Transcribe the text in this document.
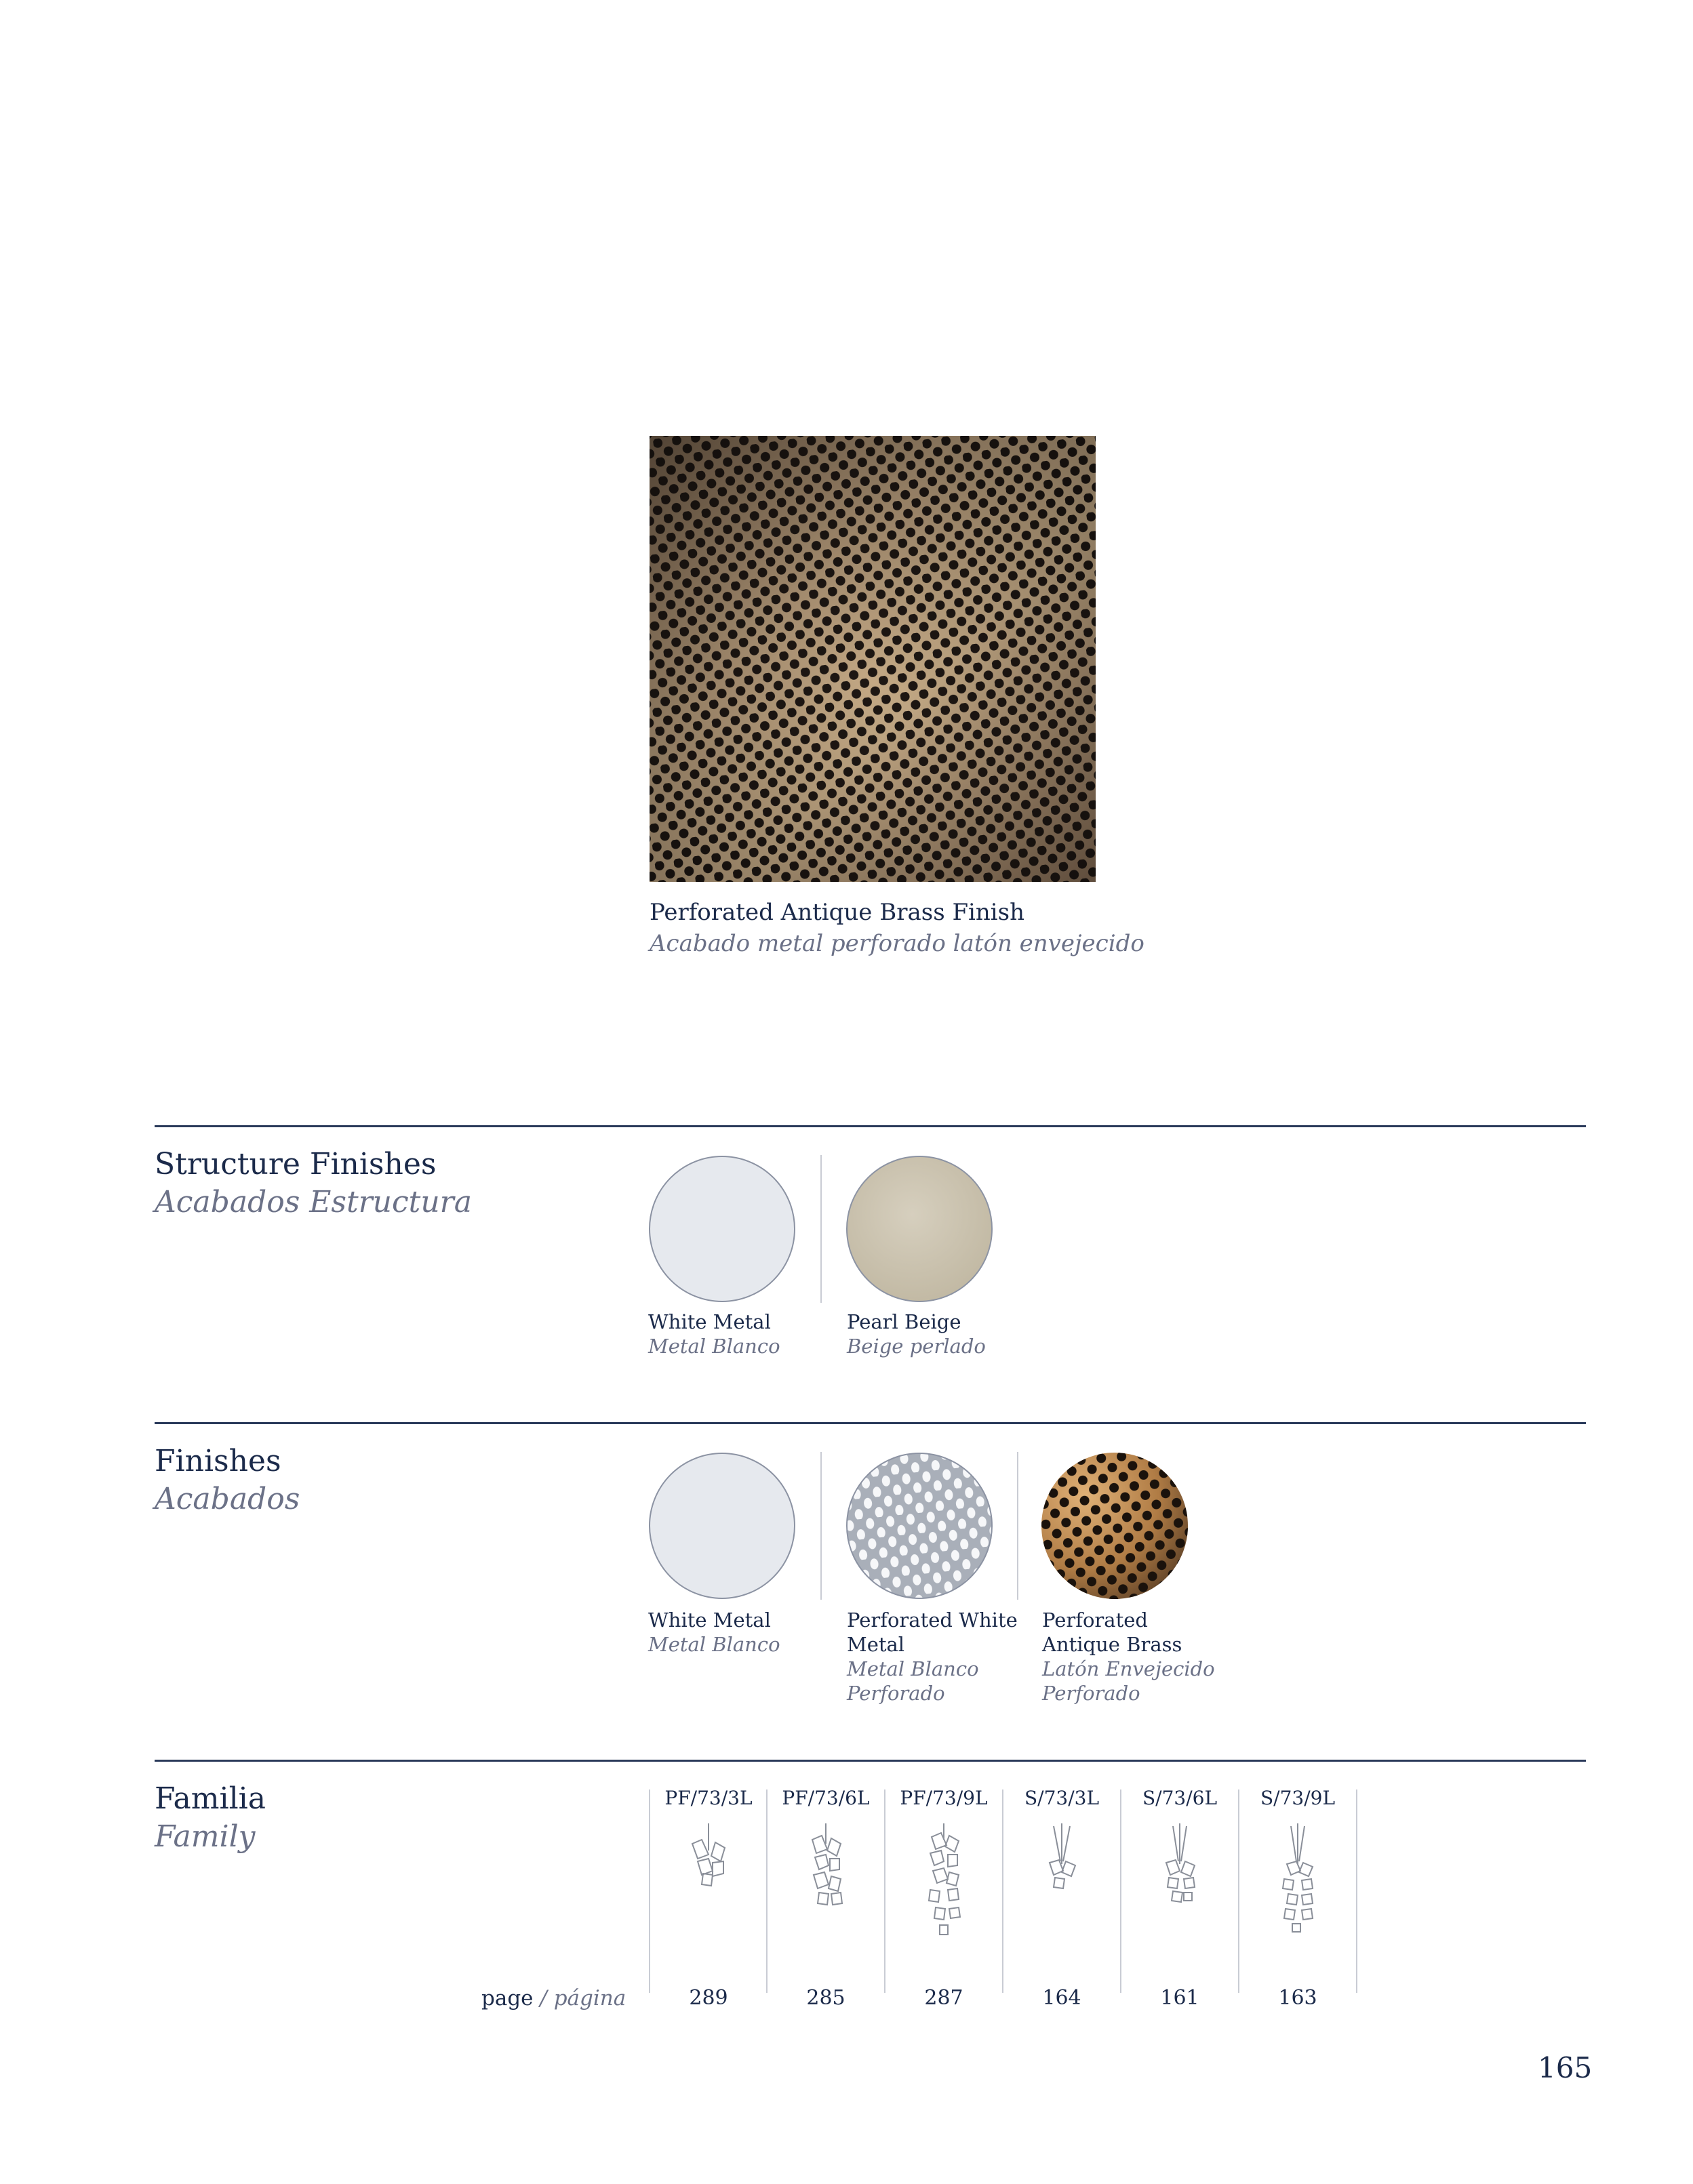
Perforated Antique Brass Finish
Acabado metal perforado latón envejecido
Structure Finishes
Acabados Estructura
White Metal
Metal Blanco
Pearl Beige
Beige perlado
Finishes
Acabados
White Metal
Metal Blanco
Perforated White
Metal
Metal Blanco
Perforado
Perforated
Antique Brass
Latón Envejecido
Perforado
Familia
Family
PF/73/3L	PF/73/6L	PF/73/9L	S/73/3L	S/73/6L	S/73/9L
page / página	289	285	287	164	161	163
165
